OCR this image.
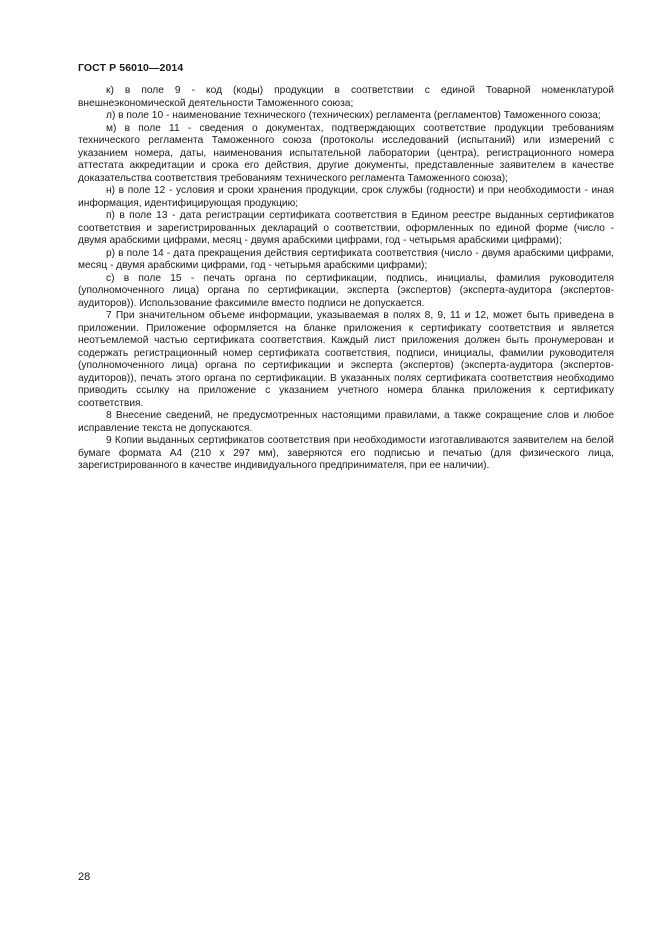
ГОСТ Р 56010—2014

к) в поле 9 - код (коды) продукции в соответствии с единой Товарной номенклатурой внешнеэкономической деятельности Таможенного союза;

л) в поле 10 - наименование технического (технических) регламента (регламентов) Таможенного союза;

м) в поле 11 - сведения о документах, подтверждающих соответствие продукции требованиям технического регламента Таможенного союза (протоколы исследований (испытаний) или измерений с указанием номера, даты, наименования испытательной лаборатории (центра), регистрационного номера аттестата аккредитации и срока его действия, другие документы, представленные заявителем в качестве доказательства соответствия требованиям технического регламента Таможенного союза);

н) в поле 12 - условия и сроки хранения продукции, срок службы (годности) и при необходимости - иная информация, идентифицирующая продукцию;

п) в поле 13 - дата регистрации сертификата соответствия в Едином реестре выданных сертификатов соответствия и зарегистрированных деклараций о соответствии, оформленных по единой форме (число - двумя арабскими цифрами, месяц - двумя арабскими цифрами, год - четырьмя арабскими цифрами);

р) в поле 14 - дата прекращения действия сертификата соответствия (число - двумя арабскими цифрами, месяц - двумя арабскими цифрами, год - четырьмя арабскими цифрами);

с) в поле 15 - печать органа по сертификации, подпись, инициалы, фамилия руководителя (уполномоченного лица) органа по сертификации, эксперта (экспертов) (эксперта-аудитора (экспертов-аудиторов)). Использование факсимиле вместо подписи не допускается.

7 При значительном объеме информации, указываемая в полях 8, 9, 11 и 12, может быть приведена в приложении. Приложение оформляется на бланке приложения к сертификату соответствия и является неотъемлемой частью сертификата соответствия. Каждый лист приложения должен быть пронумерован и содержать регистрационный номер сертификата соответствия, подписи, инициалы, фамилии руководителя (уполномоченного лица) органа по сертификации и эксперта (экспертов) (эксперта-аудитора (экспертов-аудиторов)), печать этого органа по сертификации. В указанных полях сертификата соответствия необходимо приводить ссылку на приложение с указанием учетного номера бланка приложения к сертификату соответствия.

8 Внесение сведений, не предусмотренных настоящими правилами, а также сокращение слов и любое исправление текста не допускаются.

9 Копии выданных сертификатов соответствия при необходимости изготавливаются заявителем на белой бумаге формата А4 (210 x 297 мм), заверяются его подписью и печатью (для физического лица, зарегистрированного в качестве индивидуального предпринимателя, при ее наличии).

28
